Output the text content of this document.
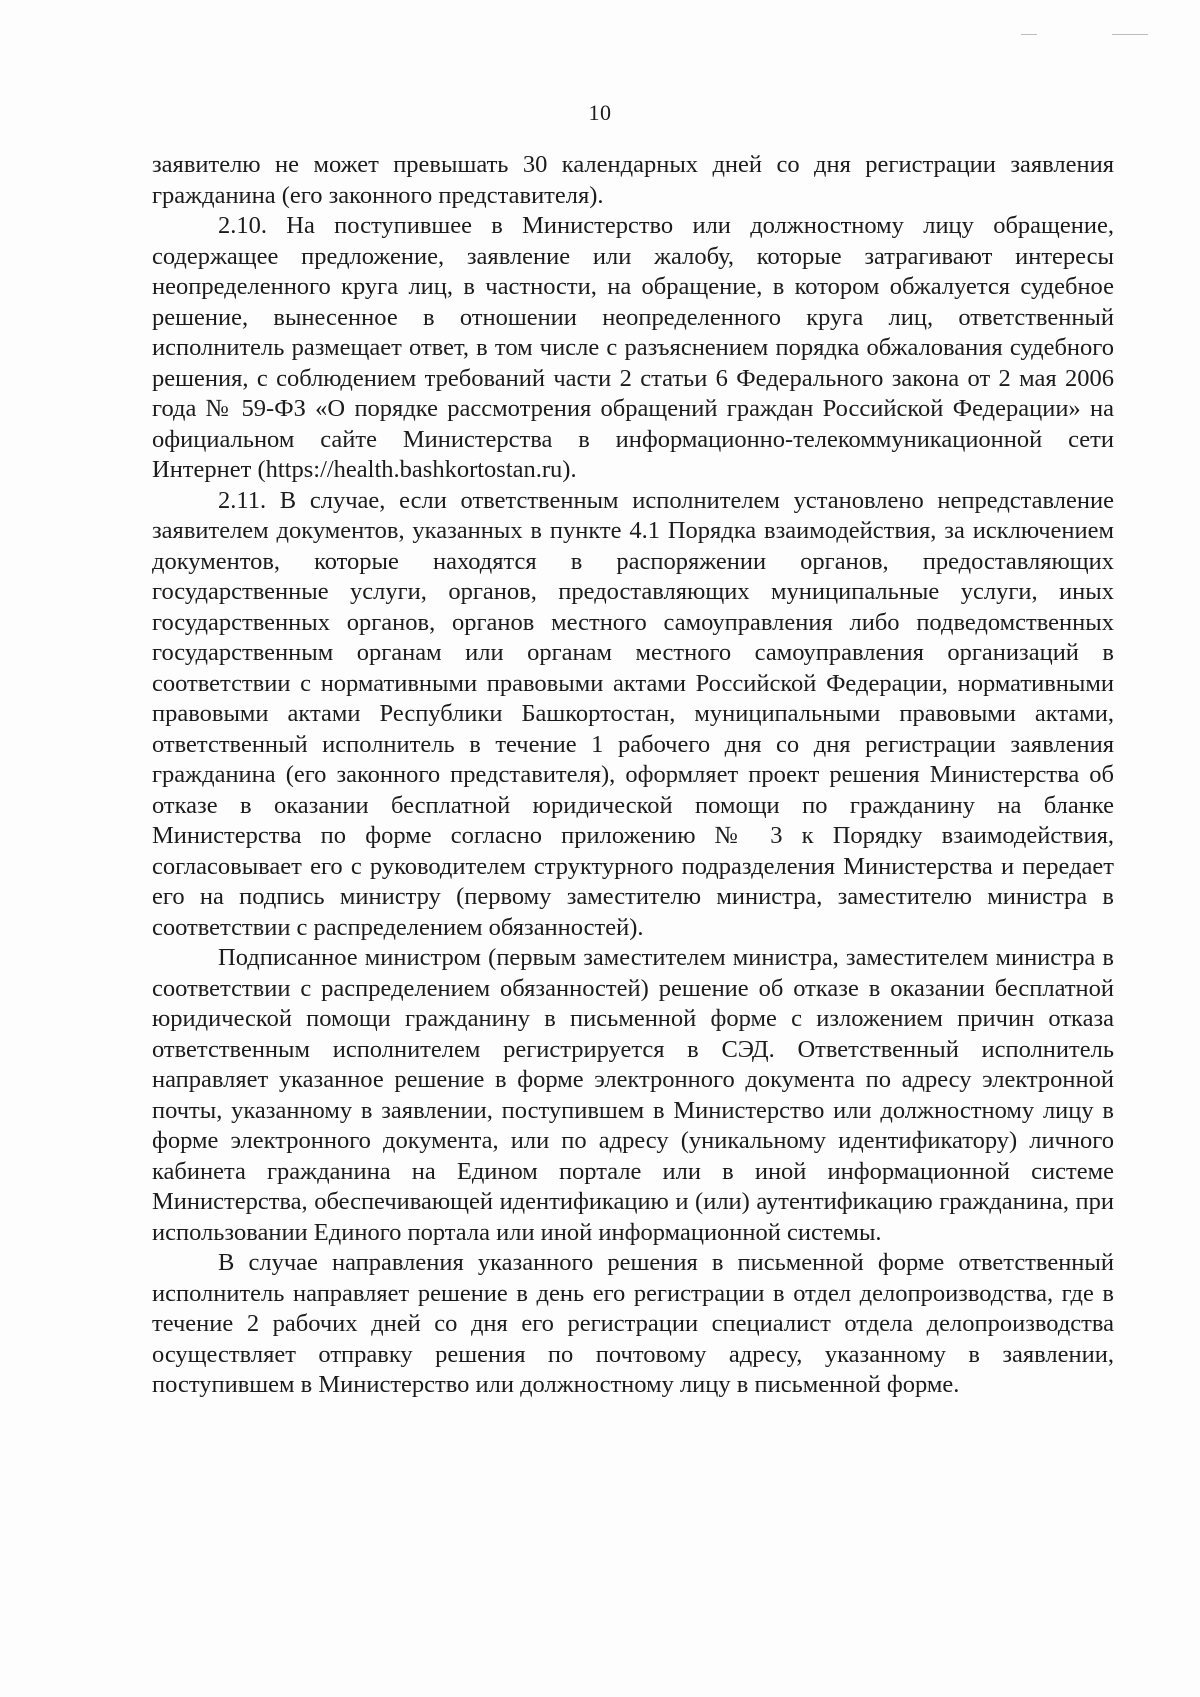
10

заявителю не может превышать 30 календарных дней со дня регистрации заявления гражданина (его законного представителя).

2.10. На поступившее в Министерство или должностному лицу обращение, содержащее предложение, заявление или жалобу, которые затрагивают интересы неопределенного круга лиц, в частности, на обращение, в котором обжалуется судебное решение, вынесенное в отношении неопределенного круга лиц, ответственный исполнитель размещает ответ, в том числе с разъяснением порядка обжалования судебного решения, с соблюдением требований части 2 статьи 6 Федерального закона от 2 мая 2006 года № 59-ФЗ «О порядке рассмотрения обращений граждан Российской Федерации» на официальном сайте Министерства в информационно-телекоммуникационной сети Интернет (https://health.bashkortostan.ru).

2.11. В случае, если ответственным исполнителем установлено непредставление заявителем документов, указанных в пункте 4.1 Порядка взаимодействия, за исключением документов, которые находятся в распоряжении органов, предоставляющих государственные услуги, органов, предоставляющих муниципальные услуги, иных государственных органов, органов местного самоуправления либо подведомственных государственным органам или органам местного самоуправления организаций в соответствии с нормативными правовыми актами Российской Федерации, нормативными правовыми актами Республики Башкортостан, муниципальными правовыми актами, ответственный исполнитель в течение 1 рабочего дня со дня регистрации заявления гражданина (его законного представителя), оформляет проект решения Министерства об отказе в оказании бесплатной юридической помощи по гражданину на бланке Министерства по форме согласно приложению № 3 к Порядку взаимодействия, согласовывает его с руководителем структурного подразделения Министерства и передает его на подпись министру (первому заместителю министра, заместителю министра в соответствии с распределением обязанностей).

Подписанное министром (первым заместителем министра, заместителем министра в соответствии с распределением обязанностей) решение об отказе в оказании бесплатной юридической помощи гражданину в письменной форме с изложением причин отказа ответственным исполнителем регистрируется в СЭД. Ответственный исполнитель направляет указанное решение в форме электронного документа по адресу электронной почты, указанному в заявлении, поступившем в Министерство или должностному лицу в форме электронного документа, или по адресу (уникальному идентификатору) личного кабинета гражданина на Едином портале или в иной информационной системе Министерства, обеспечивающей идентификацию и (или) аутентификацию гражданина, при использовании Единого портала или иной информационной системы.

В случае направления указанного решения в письменной форме ответственный исполнитель направляет решение в день его регистрации в отдел делопроизводства, где в течение 2 рабочих дней со дня его регистрации специалист отдела делопроизводства осуществляет отправку решения по почтовому адресу, указанному в заявлении, поступившем в Министерство или должностному лицу в письменной форме.
